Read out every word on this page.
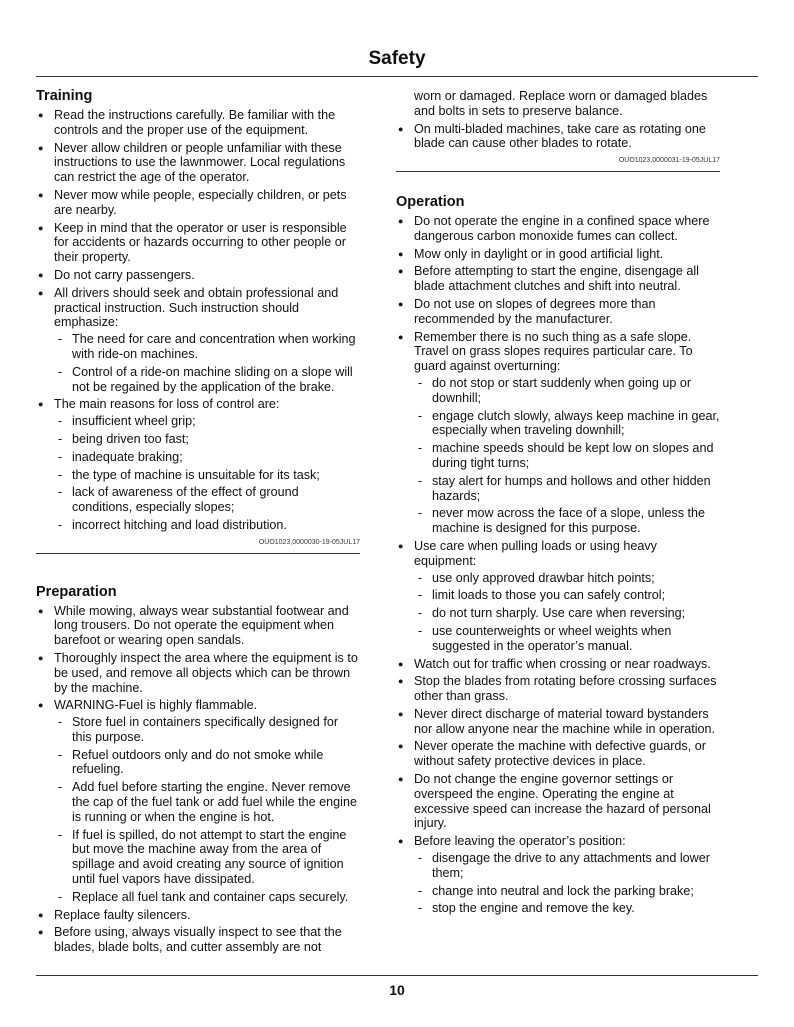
Safety
Training
● Read the instructions carefully. Be familiar with the controls and the proper use of the equipment.
● Never allow children or people unfamiliar with these instructions to use the lawnmower. Local regulations can restrict the age of the operator.
● Never mow while people, especially children, or pets are nearby.
● Keep in mind that the operator or user is responsible for accidents or hazards occurring to other people or their property.
● Do not carry passengers.
● All drivers should seek and obtain professional and practical instruction. Such instruction should emphasize:
- The need for care and concentration when working with ride-on machines.
- Control of a ride-on machine sliding on a slope will not be regained by the application of the brake.
● The main reasons for loss of control are:
- insufficient wheel grip;
- being driven too fast;
- inadequate braking;
- the type of machine is unsuitable for its task;
- lack of awareness of the effect of ground conditions, especially slopes;
- incorrect hitching and load distribution.
OUO1023,0000030-19-05JUL17
Preparation
● While mowing, always wear substantial footwear and long trousers. Do not operate the equipment when barefoot or wearing open sandals.
● Thoroughly inspect the area where the equipment is to be used, and remove all objects which can be thrown by the machine.
● WARNING-Fuel is highly flammable.
- Store fuel in containers specifically designed for this purpose.
- Refuel outdoors only and do not smoke while refueling.
- Add fuel before starting the engine. Never remove the cap of the fuel tank or add fuel while the engine is running or when the engine is hot.
- If fuel is spilled, do not attempt to start the engine but move the machine away from the area of spillage and avoid creating any source of ignition until fuel vapors have dissipated.
- Replace all fuel tank and container caps securely.
● Replace faulty silencers.
● Before using, always visually inspect to see that the blades, blade bolts, and cutter assembly are not
worn or damaged. Replace worn or damaged blades and bolts in sets to preserve balance.
● On multi-bladed machines, take care as rotating one blade can cause other blades to rotate.
OUO1023,0000031-19-05JUL17
Operation
● Do not operate the engine in a confined space where dangerous carbon monoxide fumes can collect.
● Mow only in daylight or in good artificial light.
● Before attempting to start the engine, disengage all blade attachment clutches and shift into neutral.
● Do not use on slopes of degrees more than recommended by the manufacturer.
● Remember there is no such thing as a safe slope. Travel on grass slopes requires particular care. To guard against overturning:
- do not stop or start suddenly when going up or downhill;
- engage clutch slowly, always keep machine in gear, especially when traveling downhill;
- machine speeds should be kept low on slopes and during tight turns;
- stay alert for humps and hollows and other hidden hazards;
- never mow across the face of a slope, unless the machine is designed for this purpose.
● Use care when pulling loads or using heavy equipment:
- use only approved drawbar hitch points;
- limit loads to those you can safely control;
- do not turn sharply. Use care when reversing;
- use counterweights or wheel weights when suggested in the operator’s manual.
● Watch out for traffic when crossing or near roadways.
● Stop the blades from rotating before crossing surfaces other than grass.
● Never direct discharge of material toward bystanders nor allow anyone near the machine while in operation.
● Never operate the machine with defective guards, or without safety protective devices in place.
● Do not change the engine governor settings or overspeed the engine. Operating the engine at excessive speed can increase the hazard of personal injury.
● Before leaving the operator’s position:
- disengage the drive to any attachments and lower them;
- change into neutral and lock the parking brake;
- stop the engine and remove the key.
10
